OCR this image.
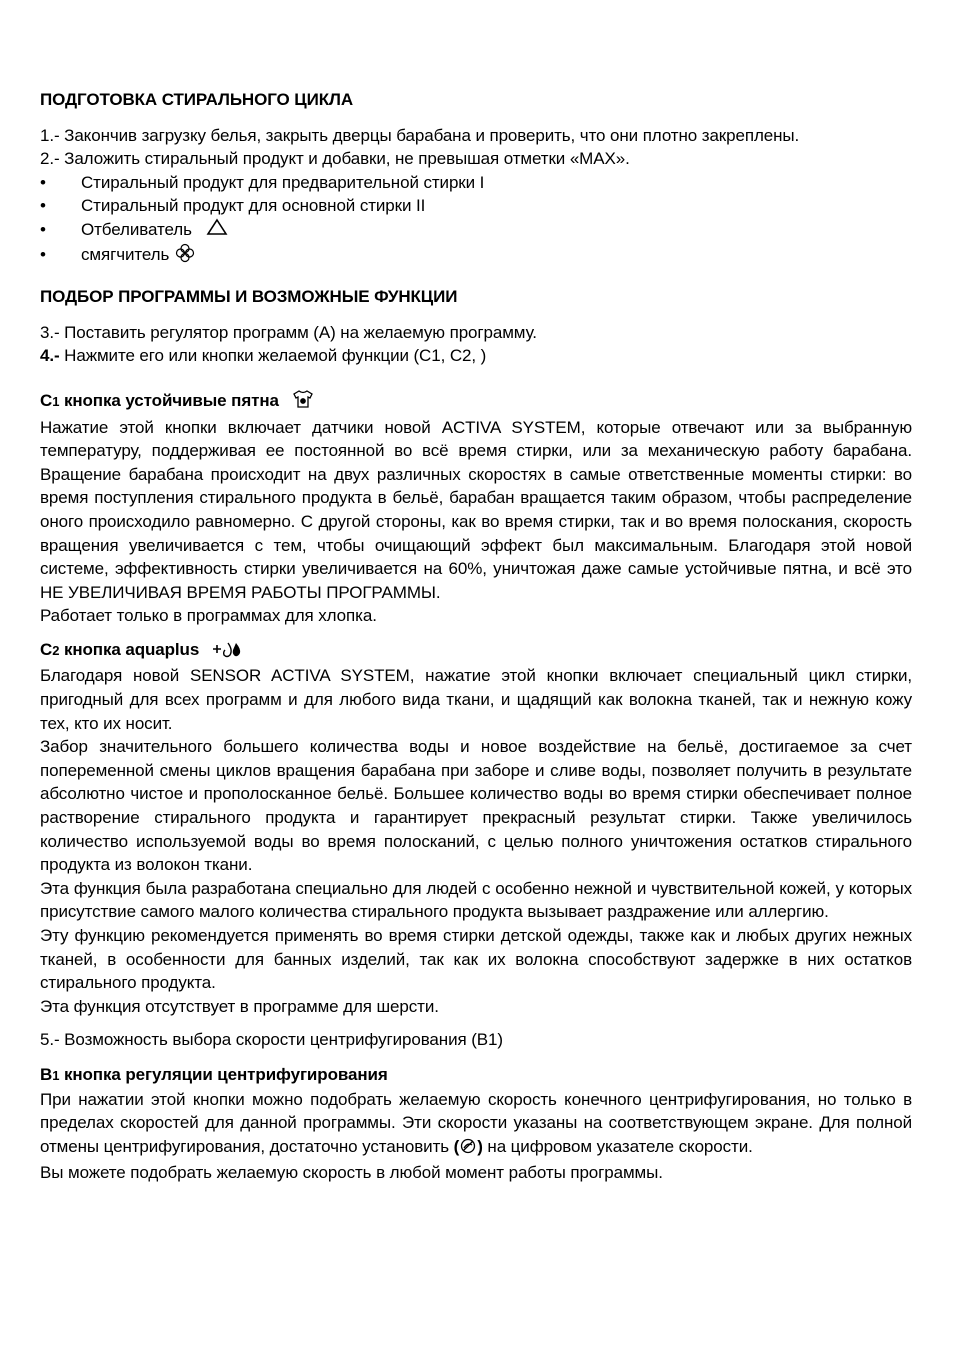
ПОДГОТОВКА СТИРАЛЬНОГО ЦИКЛА

1.- Закончив загрузку белья, закрыть дверцы барабана и проверить, что они плотно закреплены.

2.- Заложить стиральный продукт и добавки, не превышая отметки «MAX».

•	Стиральный продукт для предварительной стирки I
•	Стиральный продукт для основной стирки II
•	Отбеливатель
•	смягчитель

ПОДБОР ПРОГРАММЫ И ВОЗМОЖНЫЕ ФУНКЦИИ

3.- Поставить регулятор программ (А) на желаемую программу.

4.- Нажмите его или кнопки желаемой функции (С1, С2, )

С1 кнопка устойчивые пятна

Нажатие этой кнопки включает датчики новой ACTIVA SYSTEM, которые отвечают или за выбранную температуру, поддерживая ее постоянной во всё время стирки, или за механическую работу барабана. Вращение барабана происходит на двух различных скоростях в самые ответственные моменты стирки: во время поступления стирального продукта в бельё, барабан вращается таким образом, чтобы распределение оного происходило равномерно. С другой стороны, как во время стирки, так и во время полоскания, скорость вращения увеличивается с тем, чтобы очищающий эффект был максимальным. Благодаря этой новой системе, эффективность стирки увеличивается на 60%, уничтожая даже самые устойчивые пятна, и всё это НЕ УВЕЛИЧИВАЯ ВРЕМЯ РАБОТЫ ПРОГРАММЫ.

Работает только в программах для хлопка.

С2 кнопка aquaplus

Благодаря новой SENSOR ACTIVA SYSTEM, нажатие этой кнопки включает специальный цикл стирки, пригодный для всех программ и для любого вида ткани, и щадящий как волокна тканей, так и нежную кожу тех, кто их носит.

Забор значительного большего количества воды и новое воздействие на бельё, достигаемое за счет попеременной смены циклов вращения барабана при заборе и сливе воды, позволяет получить в результате абсолютно чистое и прополосканное бельё. Большее количество воды во время стирки обеспечивает полное растворение стирального продукта и гарантирует прекрасный результат стирки. Также увеличилось количество используемой воды во время полосканий, с целью полного уничтожения остатков стирального продукта из волокон ткани.

Эта функция была разработана специально для людей с особенно нежной и чувствительной кожей, у которых присутствие самого малого количества стирального продукта вызывает раздражение или аллергию.

Эту функцию рекомендуется применять во время стирки детской одежды, также как и любых других нежных тканей, в особенности для банных изделий, так как их волокна способствуют задержке в них остатков стирального продукта.

Эта функция отсутствует в программе для шерсти.

5.- Возможность выбора скорости центрифугирования (В1)

В1 кнопка регуляции центрифугирования

При нажатии этой кнопки можно подобрать желаемую скорость конечного центрифугирования, но только в пределах скоростей для данной программы. Эти скорости указаны на соответствующем экране. Для полной отмены центрифугирования, достаточно установить ( ) на цифровом указателе скорости.

Вы можете подобрать желаемую скорость в любой момент работы программы.
